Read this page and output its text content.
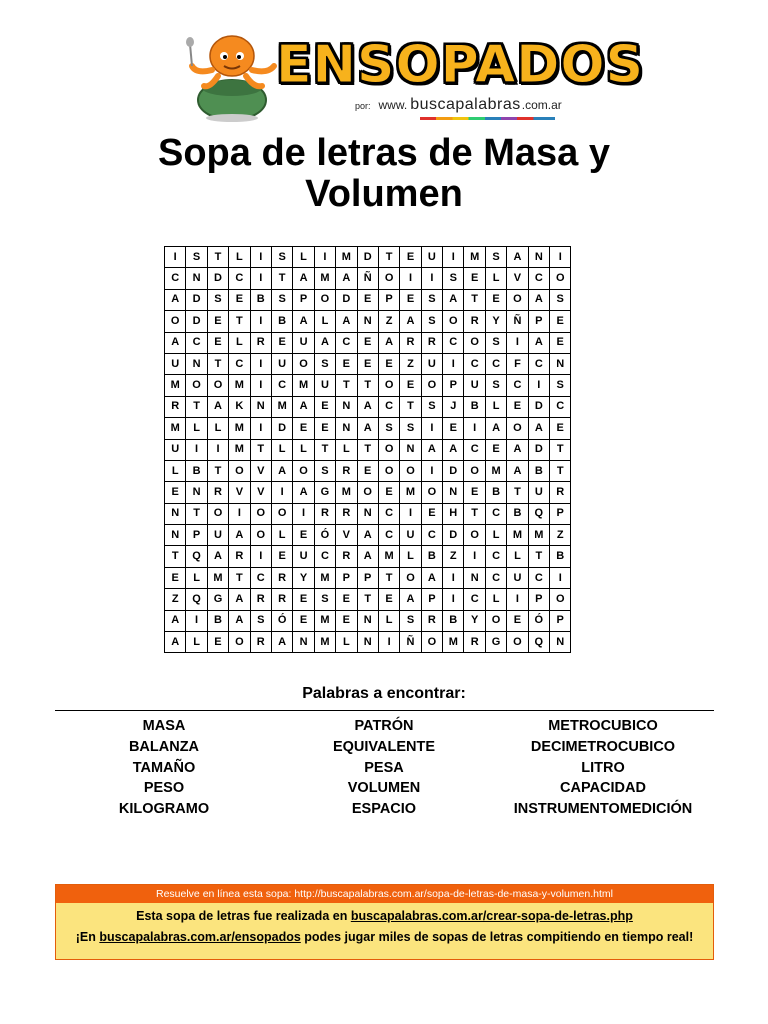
ENSOPADOS
por: www. buscapalabras.com.ar
Sopa de letras de Masa y Volumen
I	S	T	L	I	S	L	I	M	D	T	E	U	I	M	S	A	N	I
C	N	D	C	I	T	A	M	A	Ñ	O	I	I	S	E	L	V	C	O
A	D	S	E	B	S	P	O	D	E	P	E	S	A	T	E	O	A	S
O	D	E	T	I	B	A	L	A	N	Z	A	S	O	R	Y	Ñ	P	E
A	C	E	L	R	E	U	A	C	E	A	R	R	C	O	S	I	A	E
U	N	T	C	I	U	O	S	E	E	E	Z	U	I	C	C	F	C	N
M	O	O	M	I	C	M	U	T	T	O	E	O	P	U	S	C	I	S
R	T	A	K	N	M	A	E	N	A	C	T	S	J	B	L	E	D	C
M	L	L	M	I	D	E	E	N	A	S	S	I	E	I	A	O	A	E
U	I	I	M	T	L	L	T	L	T	O	N	A	A	C	E	A	D	T
L	B	T	O	V	A	O	S	R	E	O	O	I	D	O	M	A	B	T
E	N	R	V	V	I	A	G	M	O	E	M	O	N	E	B	T	U	R
N	T	O	I	O	O	I	R	R	N	C	I	E	H	T	C	B	Q	P
N	P	U	A	O	L	E	Ó	V	A	C	U	C	D	O	L	M	M	Z
T	Q	A	R	I	E	U	C	R	A	M	L	B	Z	I	C	L	T	B
E	L	M	T	C	R	Y	M	P	P	T	O	A	I	N	C	U	C	I
Z	Q	G	A	R	R	E	S	E	T	E	A	P	I	C	L	I	P	O
A	I	B	A	S	Ó	E	M	E	N	L	S	R	B	Y	O	E	Ó	P
A	L	E	O	R	A	N	M	L	N	I	Ñ	O	M	R	G	O	Q	N
Palabras a encontrar:
MASA
BALANZA
TAMAÑO
PESO
KILOGRAMO
PATRÓN
EQUIVALENTE
PESA
VOLUMEN
ESPACIO
METROCUBICO
DECIMETROCUBICO
LITRO
CAPACIDAD
INSTRUMENTOMEDICIÓN
Resuelve en línea esta sopa: http://buscapalabras.com.ar/sopa-de-letras-de-masa-y-volumen.html
Esta sopa de letras fue realizada en buscapalabras.com.ar/crear-sopa-de-letras.php
¡En buscapalabras.com.ar/ensopados podes jugar miles de sopas de letras compitiendo en tiempo real!
